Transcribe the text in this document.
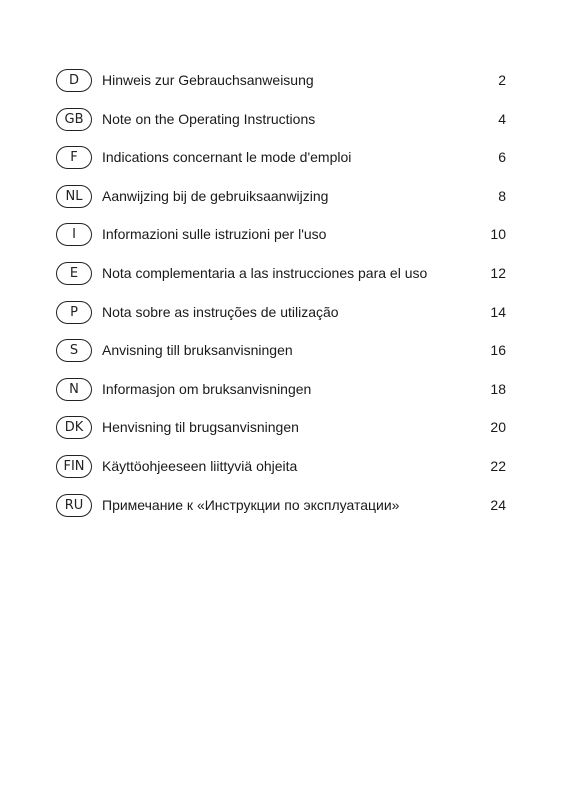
D	Hinweis zur Gebrauchsanweisung	2
GB	Note on the Operating Instructions	4
F	Indications concernant le mode d'emploi	6
NL	Aanwijzing bij de gebruiksaanwijzing	8
I	Informazioni sulle istruzioni per l'uso	10
E	Nota complementaria a las instrucciones para el uso	12
P	Nota sobre as instruções de utilização	14
S	Anvisning till bruksanvisningen	16
N	Informasjon om bruksanvisningen	18
DK	Henvisning til brugsanvisningen	20
FIN	Käyttöohjeeseen liittyviä ohjeita	22
RU	Примечание к «Инструкции по эксплуатации»	24
